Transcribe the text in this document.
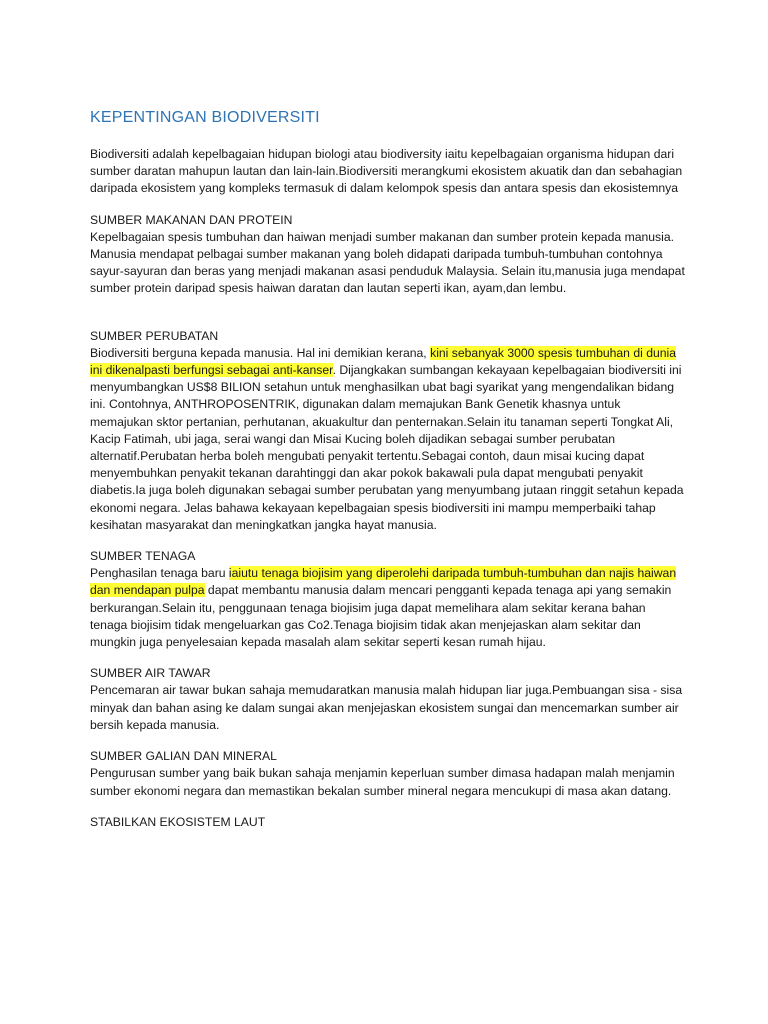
KEPENTINGAN BIODIVERSITI

Biodiversiti adalah kepelbagaian hidupan biologi atau biodiversity iaitu kepelbagaian organisma hidupan dari sumber daratan mahupun lautan dan lain-lain.Biodiversiti merangkumi ekosistem akuatik dan dan sebahagian daripada ekosistem yang kompleks termasuk di dalam kelompok spesis dan antara spesis dan ekosistemnya

SUMBER MAKANAN DAN PROTEIN

Kepelbagaian spesis tumbuhan dan haiwan menjadi sumber makanan dan sumber protein kepada manusia. Manusia mendapat pelbagai sumber makanan yang boleh didapati daripada tumbuh-tumbuhan contohnya sayur-sayuran dan beras yang menjadi makanan asasi penduduk Malaysia. Selain itu,manusia juga mendapat sumber protein daripad spesis haiwan daratan dan lautan seperti ikan, ayam,dan lembu.

SUMBER PERUBATAN

Biodiversiti berguna kepada manusia. Hal ini demikian kerana, kini sebanyak 3000 spesis tumbuhan di dunia ini dikenalpasti berfungsi sebagai anti-kanser. Dijangkakan sumbangan kekayaan kepelbagaian biodiversiti ini menyumbangkan US$8 BILION setahun untuk menghasilkan ubat bagi syarikat yang mengendalikan bidang ini. Contohnya, ANTHROPOSENTRIK, digunakan dalam memajukan Bank Genetik khasnya untuk memajukan sktor pertanian, perhutanan, akuakultur dan penternakan.Selain itu tanaman seperti Tongkat Ali, Kacip Fatimah, ubi jaga, serai wangi dan Misai Kucing boleh dijadikan sebagai sumber perubatan alternatif.Perubatan herba boleh mengubati penyakit tertentu.Sebagai contoh, daun misai kucing dapat menyembuhkan penyakit tekanan darahtinggi dan akar pokok bakawali pula dapat mengubati penyakit diabetis.Ia juga boleh digunakan sebagai sumber perubatan yang menyumbang jutaan ringgit setahun kepada ekonomi negara. Jelas bahawa kekayaan kepelbagaian spesis biodiversiti ini mampu memperbaiki tahap kesihatan masyarakat dan meningkatkan jangka hayat manusia.

SUMBER TENAGA

Penghasilan tenaga baru iaiutu tenaga biojisim yang diperolehi daripada tumbuh-tumbuhan dan najis haiwan dan mendapan pulpa dapat membantu manusia dalam mencari pengganti kepada tenaga api yang semakin berkurangan.Selain itu, penggunaan tenaga biojisim juga dapat memelihara alam sekitar kerana bahan tenaga biojisim tidak mengeluarkan gas Co2.Tenaga biojisim tidak akan menjejaskan alam sekitar dan mungkin juga penyelesaian kepada masalah alam sekitar seperti kesan rumah hijau.

SUMBER AIR TAWAR

Pencemaran air tawar bukan sahaja memudaratkan manusia malah hidupan liar juga.Pembuangan sisa - sisa minyak dan bahan asing ke dalam sungai akan menjejaskan ekosistem sungai dan mencemarkan sumber air bersih kepada manusia.

SUMBER GALIAN DAN MINERAL

Pengurusan sumber yang baik bukan sahaja menjamin keperluan sumber dimasa hadapan malah menjamin sumber ekonomi negara dan memastikan bekalan sumber mineral negara mencukupi di masa akan datang.

STABILKAN EKOSISTEM LAUT
